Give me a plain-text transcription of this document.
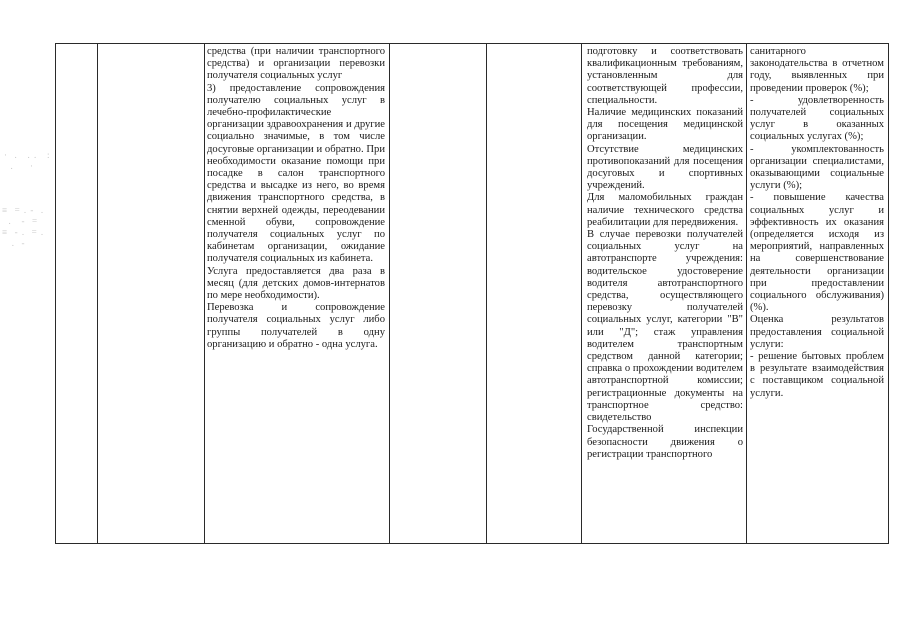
·  .   . .   :
.     ·
≡  = . -  .
.   -  =
≡  - .  = .
.  -

средства (при наличии транспортного средства) и организации перевозки получателя социальных услуг

3) предоставление сопровождения получателю социальных услуг в лечебно-профилактические организации здравоохранения и другие социально значимые, в том числе досуговые организации и обратно. При необходимости оказание помощи при посадке в салон транспортного средства и высадке из него, во время движения транспортного средства, в снятии верхней одежды, переодевании сменной обуви, сопровождение получателя социальных услуг по кабинетам организации, ожидание получателя социальных из кабинета.

Услуга предоставляется два раза в месяц (для детских домов-интернатов по мере необходимости).

Перевозка и сопровождение получателя социальных услуг либо группы получателей в одну организацию и обратно - одна услуга.

подготовку и соответствовать квалификационным требованиям, установленным для соответствующей профессии, специальности.

Наличие медицинских показаний для посещения медицинской организации.

Отсутствие медицинских противопоказаний для посещения досуговых и спортивных учреждений.

Для маломобильных граждан наличие технического средства реабилитации для передвижения.

В случае перевозки получателей социальных услуг на автотранспорте учреждения: водительское удостоверение водителя автотранспортного средства, осуществляющего перевозку получателей социальных услуг, категории "В" или "Д"; стаж управления водителем транспортным средством данной категории; справка о прохождении водителем автотранспортной комиссии; регистрационные документы на транспортное средство: свидетельство

Государственной инспекции безопасности движения о регистрации транспортного

санитарного законодательства в отчетном году, выявленных при проведении проверок (%);

- удовлетворенность получателей социальных услуг в оказанных социальных услугах (%);

- укомплектованность организации специалистами, оказывающими социальные услуги (%);

- повышение качества социальных услуг и эффективность их оказания (определяется исходя из мероприятий, направленных на совершенствование деятельности организации при предоставлении социального обслуживания) (%).

Оценка результатов предоставления социальной услуги:

- решение бытовых проблем в результате взаимодействия с поставщиком социальной услуги.
